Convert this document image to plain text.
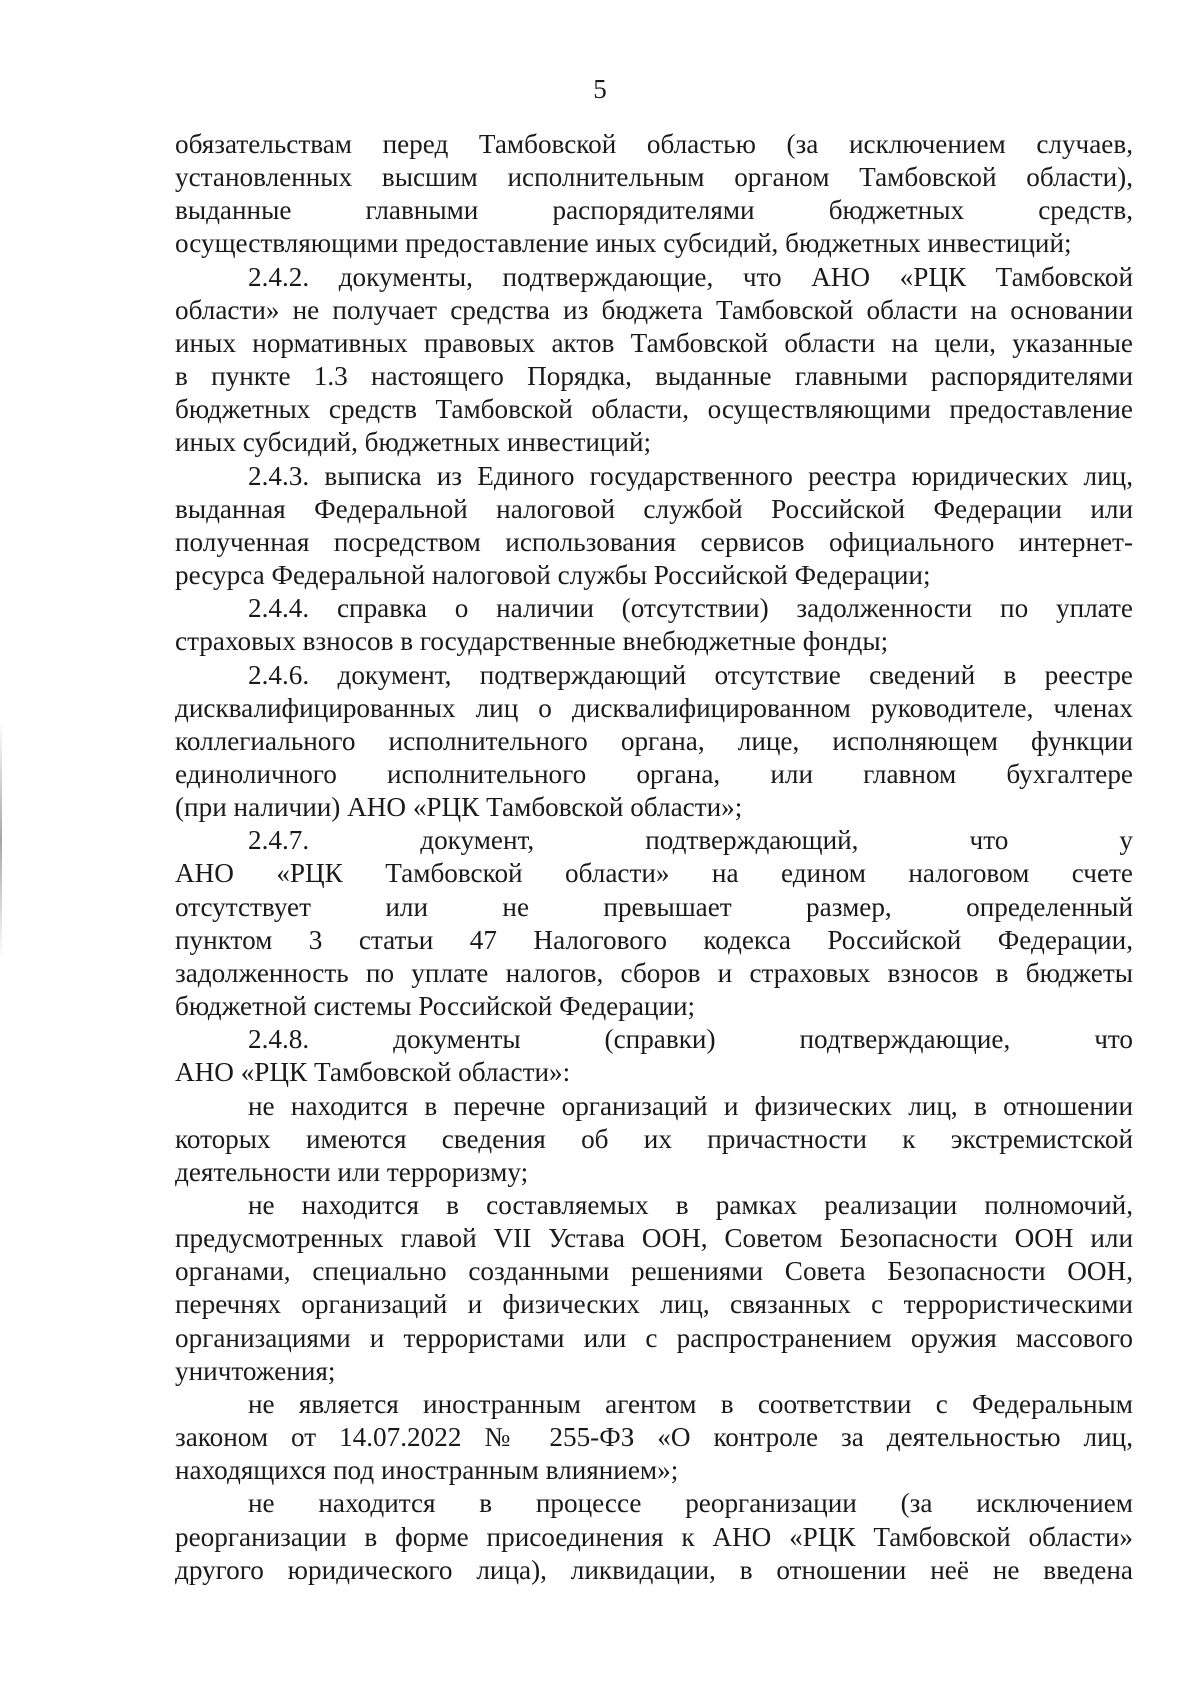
5
обязательствам перед Тамбовской областью (за исключением случаев,
установленных высшим исполнительным органом Тамбовской области),
выданные главными распорядителями бюджетных средств,
осуществляющими предоставление иных субсидий, бюджетных инвестиций;
2.4.2. документы, подтверждающие, что АНО «РЦК Тамбовской
области» не получает средства из бюджета Тамбовской области на основании
иных нормативных правовых актов Тамбовской области на цели, указанные
в пункте 1.3 настоящего Порядка, выданные главными распорядителями
бюджетных средств Тамбовской области, осуществляющими предоставление
иных субсидий, бюджетных инвестиций;
2.4.3. выписка из Единого государственного реестра юридических лиц,
выданная Федеральной налоговой службой Российской Федерации или
полученная посредством использования сервисов официального интернет-
ресурса Федеральной налоговой службы Российской Федерации;
2.4.4. справка о наличии (отсутствии) задолженности по уплате
страховых взносов в государственные внебюджетные фонды;
2.4.6. документ, подтверждающий отсутствие сведений в реестре
дисквалифицированных лиц о дисквалифицированном руководителе, членах
коллегиального исполнительного органа, лице, исполняющем функции
единоличного исполнительного органа, или главном бухгалтере
(при наличии) АНО «РЦК Тамбовской области»;
2.4.7. документ, подтверждающий, что у
АНО «РЦК Тамбовской области» на едином налоговом счете
отсутствует или не превышает размер, определенный
пунктом 3 статьи 47 Налогового кодекса Российской Федерации,
задолженность по уплате налогов, сборов и страховых взносов в бюджеты
бюджетной системы Российской Федерации;
2.4.8. документы (справки) подтверждающие, что
АНО «РЦК Тамбовской области»:
не находится в перечне организаций и физических лиц, в отношении
которых имеются сведения об их причастности к экстремистской
деятельности или терроризму;
не находится в составляемых в рамках реализации полномочий,
предусмотренных главой VII Устава ООН, Советом Безопасности ООН или
органами, специально созданными решениями Совета Безопасности ООН,
перечнях организаций и физических лиц, связанных с террористическими
организациями и террористами или с распространением оружия массового
уничтожения;
не является иностранным агентом в соответствии с Федеральным
законом от 14.07.2022 № 255-ФЗ «О контроле за деятельностью лиц,
находящихся под иностранным влиянием»;
не находится в процессе реорганизации (за исключением
реорганизации в форме присоединения к АНО «РЦК Тамбовской области»
другого юридического лица), ликвидации, в отношении неё не введена
